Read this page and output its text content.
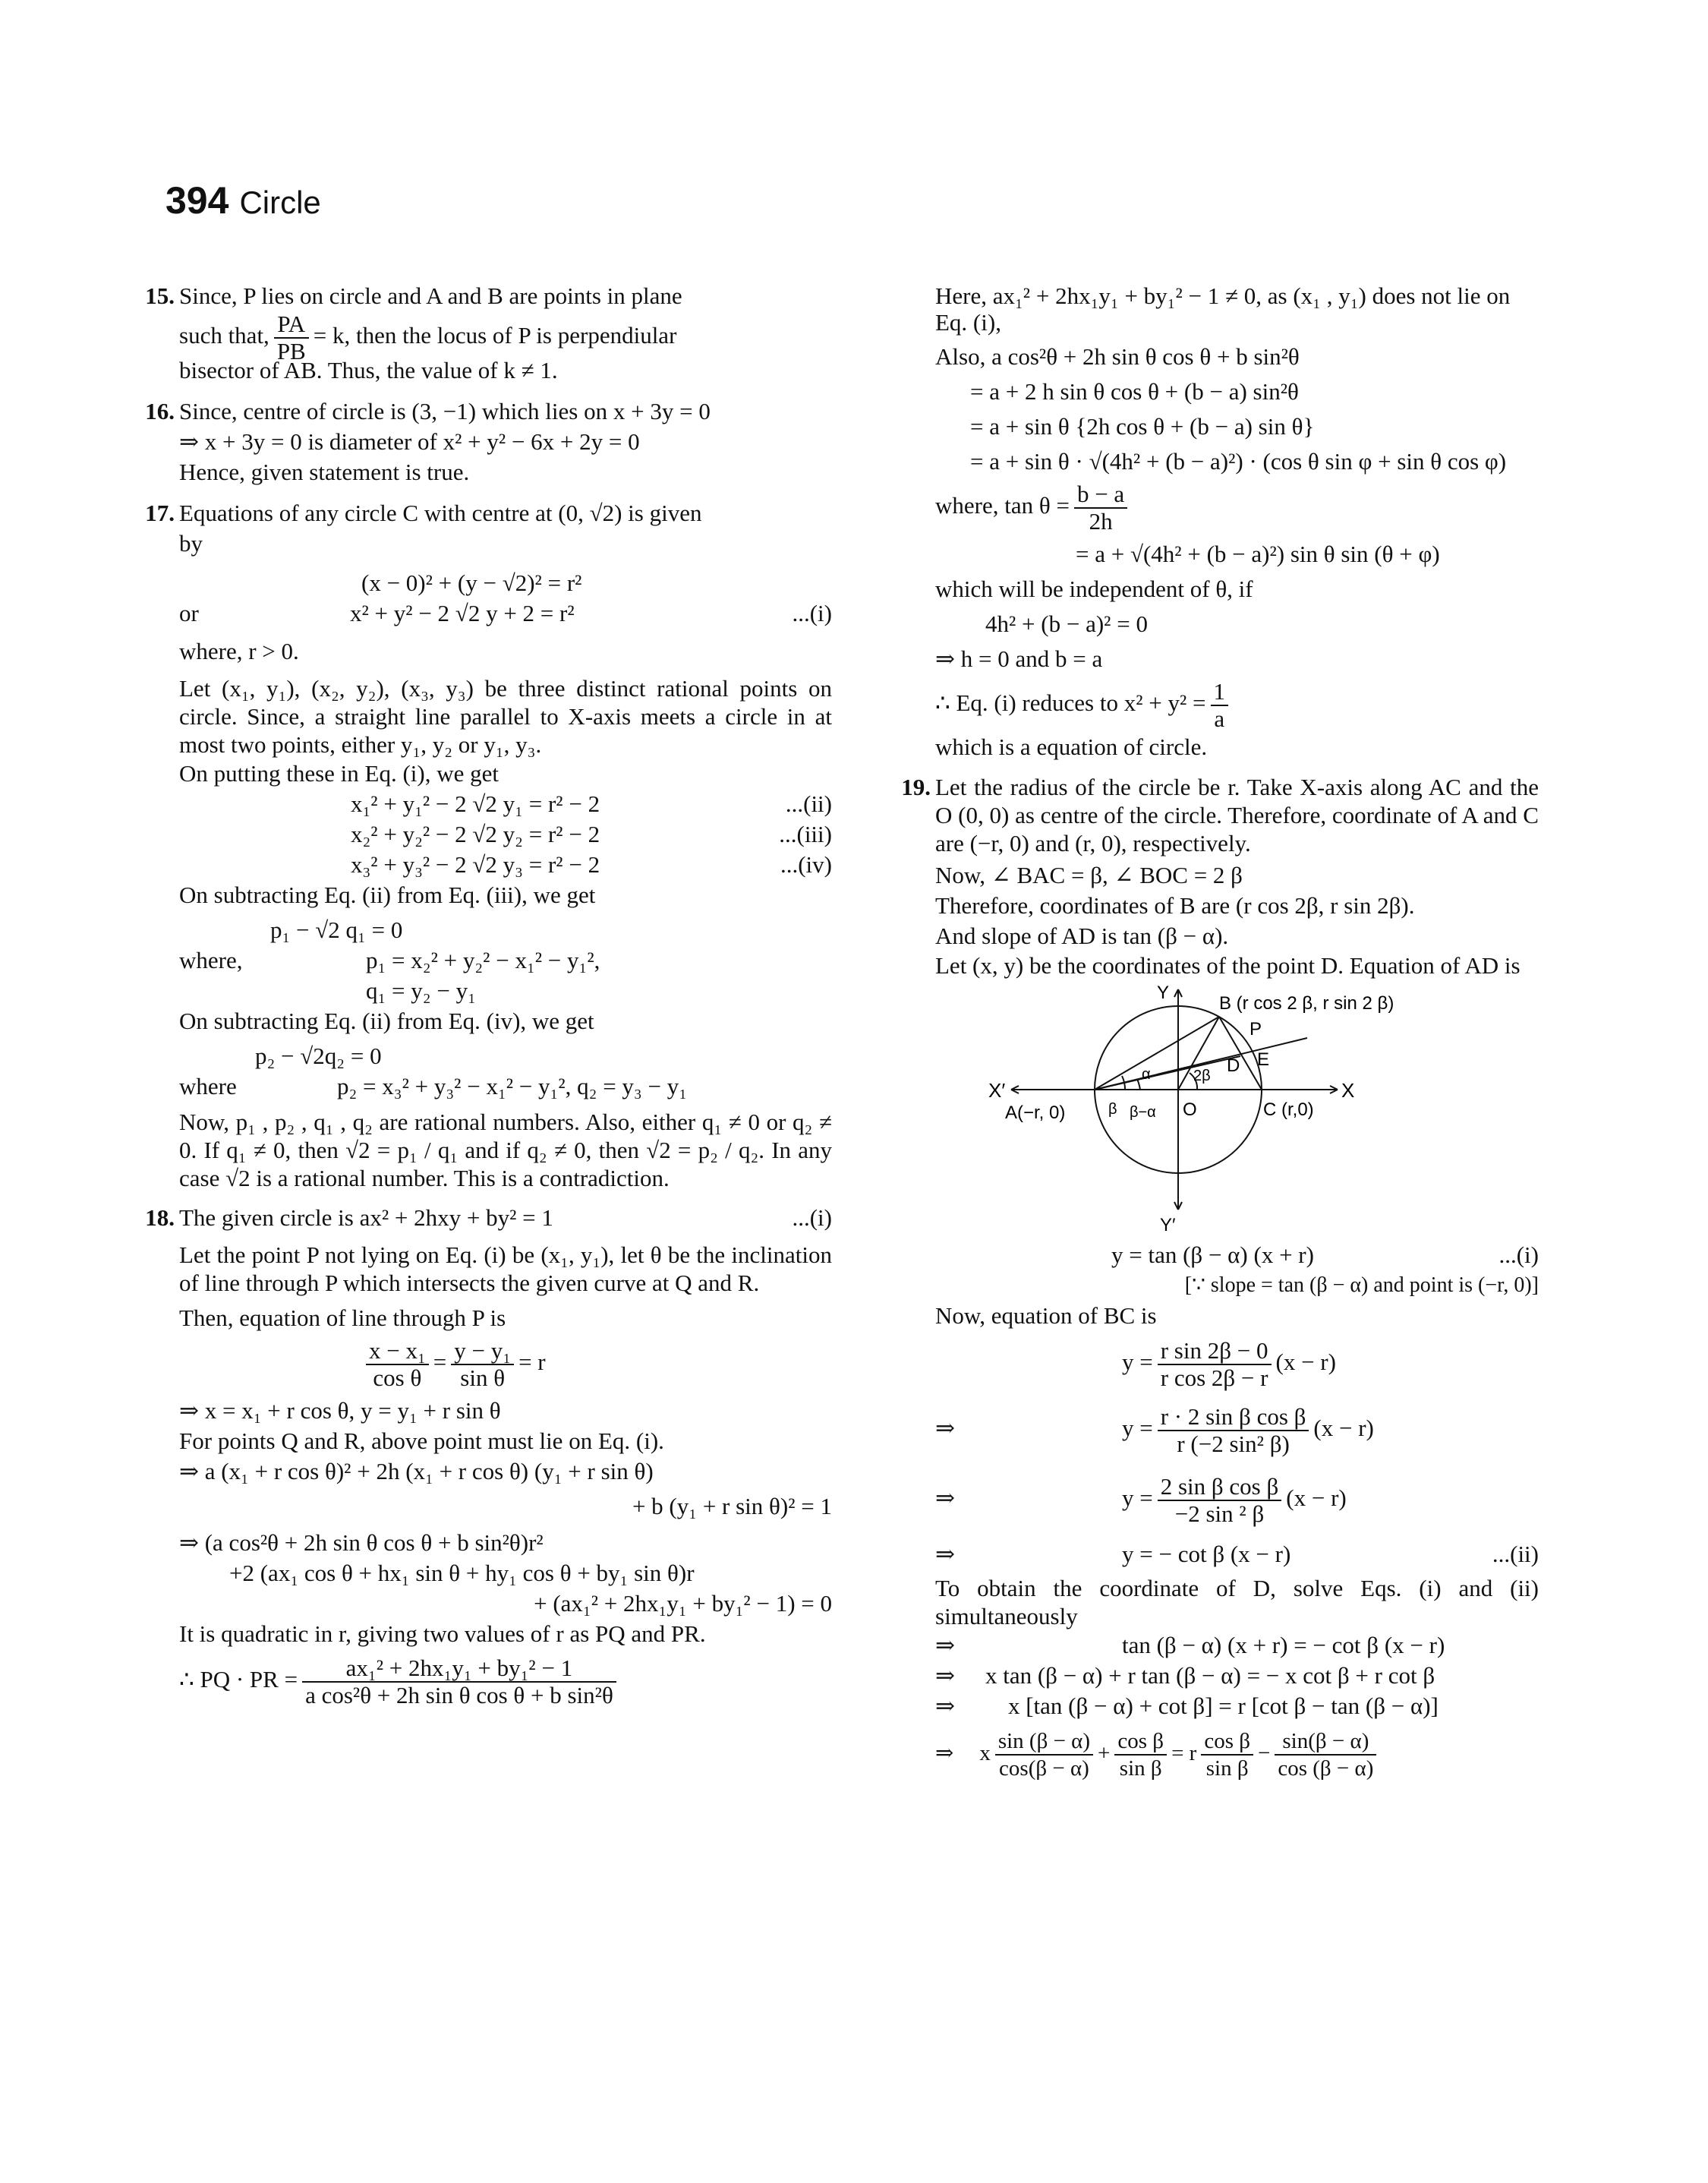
394 Circle
15. Since, P lies on circle and A and B are points in plane
such that, $\frac{PA}{PB} = k$, then the locus of P is perpendiular
bisector of AB. Thus, the value of k ≠ 1.
16. Since, centre of circle is (3, −1) which lies on x + 3y = 0
⇒ x + 3y = 0 is diameter of x² + y² − 6x + 2y = 0
Hence, given statement is true.
17. Equations of any circle C with centre at (0, √2) is given
by
(x − 0)² + (y − √2)² = r²
or	x² + y² − 2 √2 y + 2 = r²	...(i)
where, r > 0.
Let (x₁, y₁), (x₂, y₂), (x₃, y₃) be three distinct rational points on circle. Since, a straight line parallel to X-axis meets a circle in at most two points, either y₁, y₂ or y₁, y₃.
On putting these in Eq. (i), we get
x₁² + y₁² − 2 √2 y₁ = r² − 2	...(ii)
x₂² + y₂² − 2 √2 y₂ = r² − 2	...(iii)
x₃² + y₃² − 2 √2 y₃ = r² − 2	...(iv)
On subtracting Eq. (ii) from Eq. (iii), we get
p₁ − √2 q₁ = 0
where,	p₁ = x₂² + y₂² − x₁² − y₁²,
q₁ = y₂ − y₁
On subtracting Eq. (ii) from Eq. (iv), we get
p₂ − √2q₂ = 0
where	p₂ = x₃² + y₃² − x₁² − y₁², q₂ = y₃ − y₁
Now, p₁ , p₂ , q₁ , q₂ are rational numbers. Also, either q₁ ≠ 0 or q₂ ≠ 0. If q₁ ≠ 0, then √2 = p₁ / q₁ and if q₂ ≠ 0, then √2 = p₂ / q₂. In any case √2 is a rational number. This is a contradiction.
18. The given circle is ax² + 2hxy + by² = 1	...(i)
Let the point P not lying on Eq. (i) be (x₁, y₁), let θ be the inclination of line through P which intersects the given curve at Q and R.
Then, equation of line through P is
$\frac{\text{x − x₁}}{\text{cos θ}} = \frac{\text{y − y₁}}{\text{sin θ}} = r$
⇒ x = x₁ + r cos θ, y = y₁ + r sin θ
For points Q and R, above point must lie on Eq. (i).
⇒ a (x₁ + r cos θ)² + 2h (x₁ + r cos θ) (y₁ + r sin θ)
+ b (y₁ + r sin θ)² = 1
⇒ (a cos²θ + 2h sin θ cos θ + b sin²θ)r²
+2 (ax₁ cos θ + hx₁ sin θ + hy₁ cos θ + by₁ sin θ)r
+ (ax₁² + 2hx₁y₁ + by₁² − 1) = 0
It is quadratic in r, giving two values of r as PQ and PR.
∴ PQ · PR = $\frac{\text{ax₁² + 2hx₁y₁ + by₁² − 1}}{\text{a cos²θ + 2h sin θ cos θ + b sin²θ}}$
Here, ax₁² + 2hx₁y₁ + by₁² − 1 ≠ 0, as (x₁ , y₁) does not lie on
Eq. (i),
Also, a cos²θ + 2h sin θ cos θ + b sin²θ
= a + 2 h sin θ cos θ + (b − a) sin²θ
= a + sin θ {2h cos θ + (b − a) sin θ}
= a + sin θ · √(4h² + (b − a)²) · (cos θ sin φ + sin θ cos φ)
where, $\tan \theta = \frac{b - a}{2h}$
= a + √(4h² + (b − a)²) sin θ sin (θ + φ)
which will be independent of θ, if
4h² + (b − a)² = 0
⇒ h = 0 and b = a
∴ Eq. (i) reduces to $x^2 + y^2 = \frac{1}{a}$
which is a equation of circle.
19. Let the radius of the circle be r. Take X-axis along AC and the O (0, 0) as centre of the circle. Therefore, coordinate of A and C are (−r, 0) and (r, 0), respectively.
Now, ∠ BAC = β, ∠ BOC = 2 β
Therefore, coordinates of B are (r cos 2β, r sin 2β).
And slope of AD is tan (β − α).
Let (x, y) be the coordinates of the point D. Equation of AD is
Y
Y′
X
X′
B (r cos 2 β, r sin 2 β)
P
D E
A(−r, 0)	O	C (r,0)
α
β β−α
2β
y = tan (β − α) (x + r)	...(i)
[∵ slope = tan (β − α) and point is (−r, 0)]
Now, equation of BC is
$y = \frac{\text{r sin 2β − 0}}{\text{r cos 2β − r}} (x - r)$
⇒	$y = \frac{\text{r · 2 sin β cos β}}{\text{r (−2 sin² β)}} (x - r)$
⇒	$y = \frac{\text{2 sin β cos β}}{\text{−2 sin ² β}} (x - r)$
⇒	y = − cot β (x − r)	...(ii)
To obtain the coordinate of D, solve Eqs. (i) and (ii) simultaneously
⇒	tan (β − α) (x + r) = − cot β (x − r)
⇒ x tan (β − α) + r tan (β − α) = − x cot β + r cot β
⇒ x [tan (β − α) + cot β] = r [cot β − tan (β − α)]
⇒ x $\frac{\sin (\beta - \alpha)}{\cos(\beta - \alpha)} + \frac{\text{cos β}}{\text{sin β}} = r \frac{\text{cos β}}{\text{sin β}} - \frac{\sin(\beta - \alpha)}{\cos (\beta - \alpha)}$
